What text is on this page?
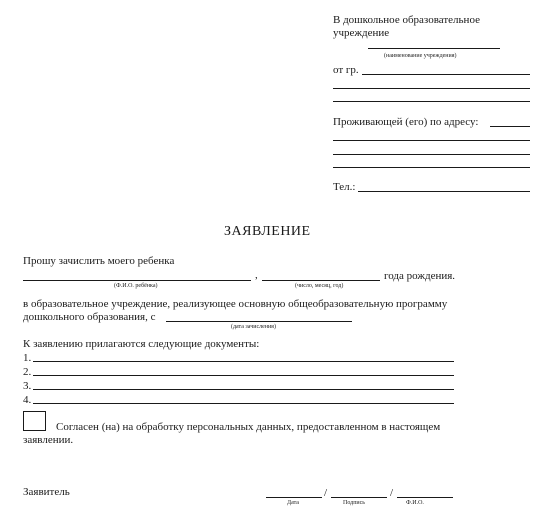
В дошкольное образовательное
учреждение
(наименование учреждения)
от гр.
Проживающей (его) по адресу:
Тел.:
ЗАЯВЛЕНИЕ
Прошу зачислить моего ребенка
,	года рождения.
(Ф.И.О. ребёнка)	(число, месяц, год)
в образовательное учреждение, реализующее основную общеобразовательную программу
дошкольного образования, с
(дата зачисления)
К заявлению прилагаются следующие документы:
1.
2.
3.
4.
Согласен (на) на обработку персональных данных, предоставленном в настоящем
заявлении.
Заявитель	/	/
Дата	Подпись	Ф.И.О.
